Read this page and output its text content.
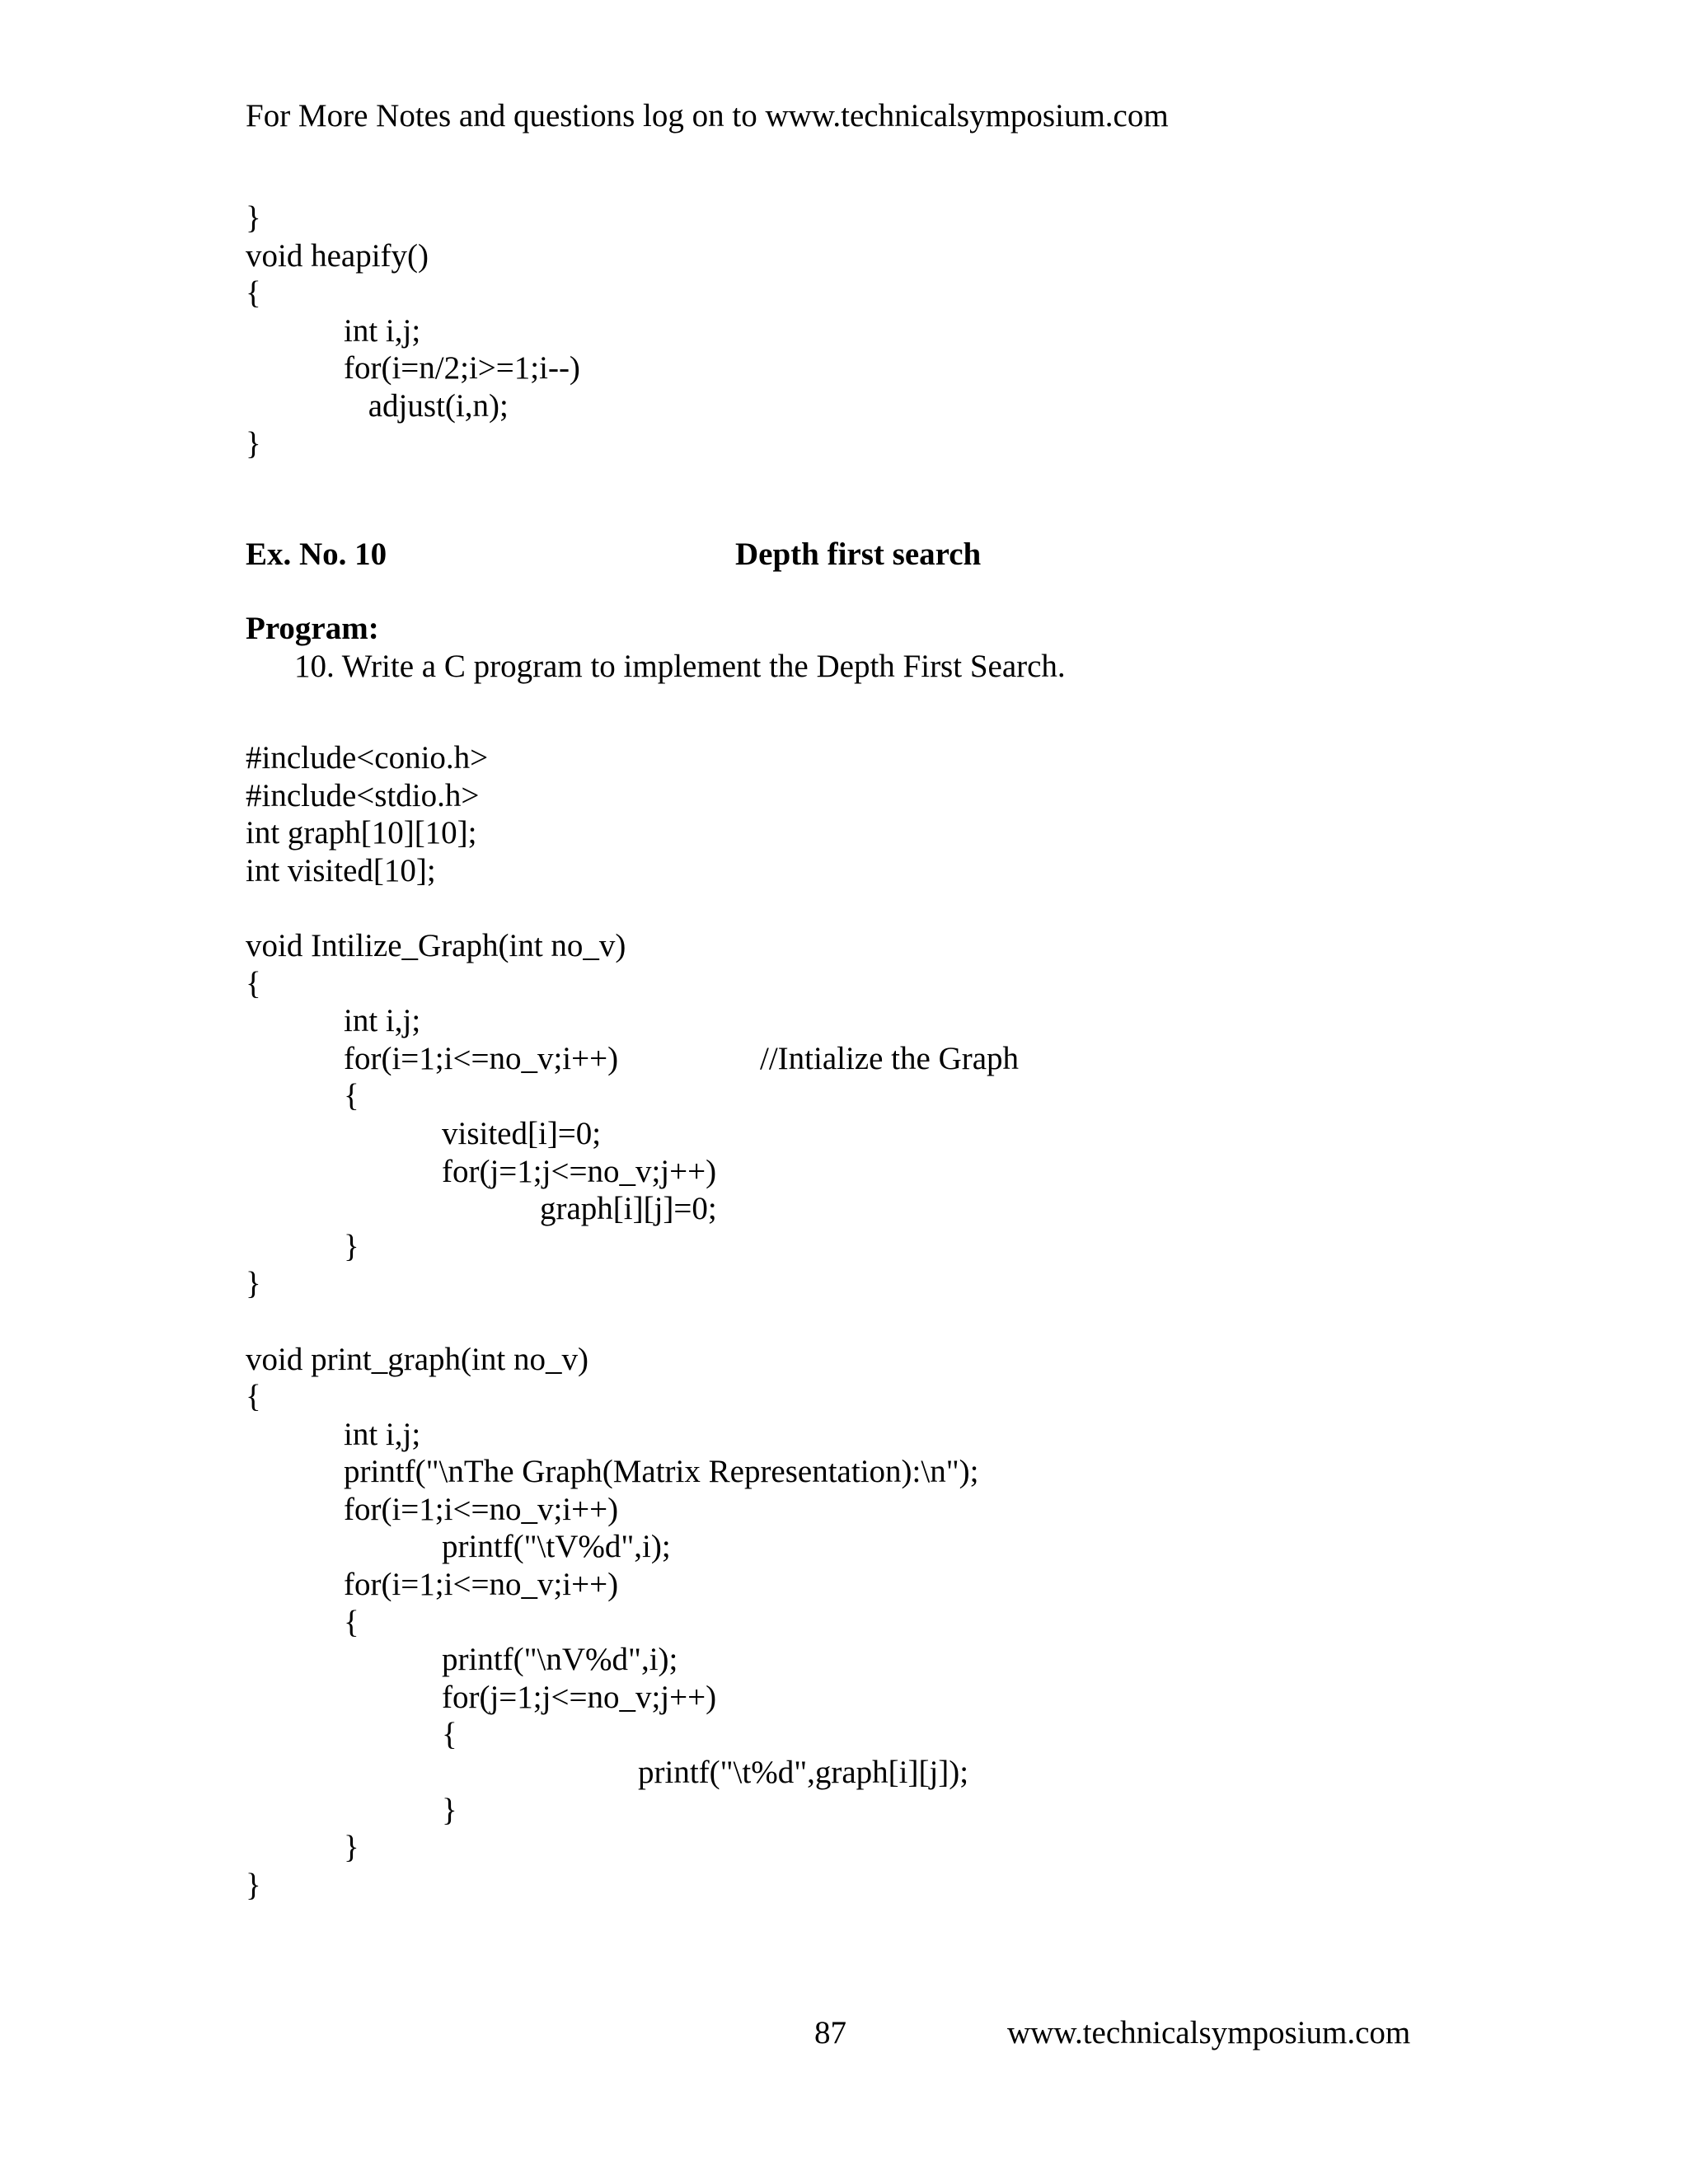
For More Notes and questions log on to www.technicalsymposium.com
}
void heapify()
{
int i,j;
for(i=n/2;i>=1;i--)
adjust(i,n);
}
Ex. No. 10	Depth first search
Program:
10. Write a C program to implement the Depth First Search.
#include<conio.h>
#include<stdio.h>
int graph[10][10];
int visited[10];
void Intilize_Graph(int no_v)
{
int i,j;
for(i=1;i<=no_v;i++)	//Intialize the Graph
{
visited[i]=0;
for(j=1;j<=no_v;j++)
graph[i][j]=0;
}
}
void print_graph(int no_v)
{
int i,j;
printf("\nThe Graph(Matrix Representation):\n");
for(i=1;i<=no_v;i++)
printf("\tV%d",i);
for(i=1;i<=no_v;i++)
{
printf("\nV%d",i);
for(j=1;j<=no_v;j++)
{
printf("\t%d",graph[i][j]);
}
}
}
87	www.technicalsymposium.com
